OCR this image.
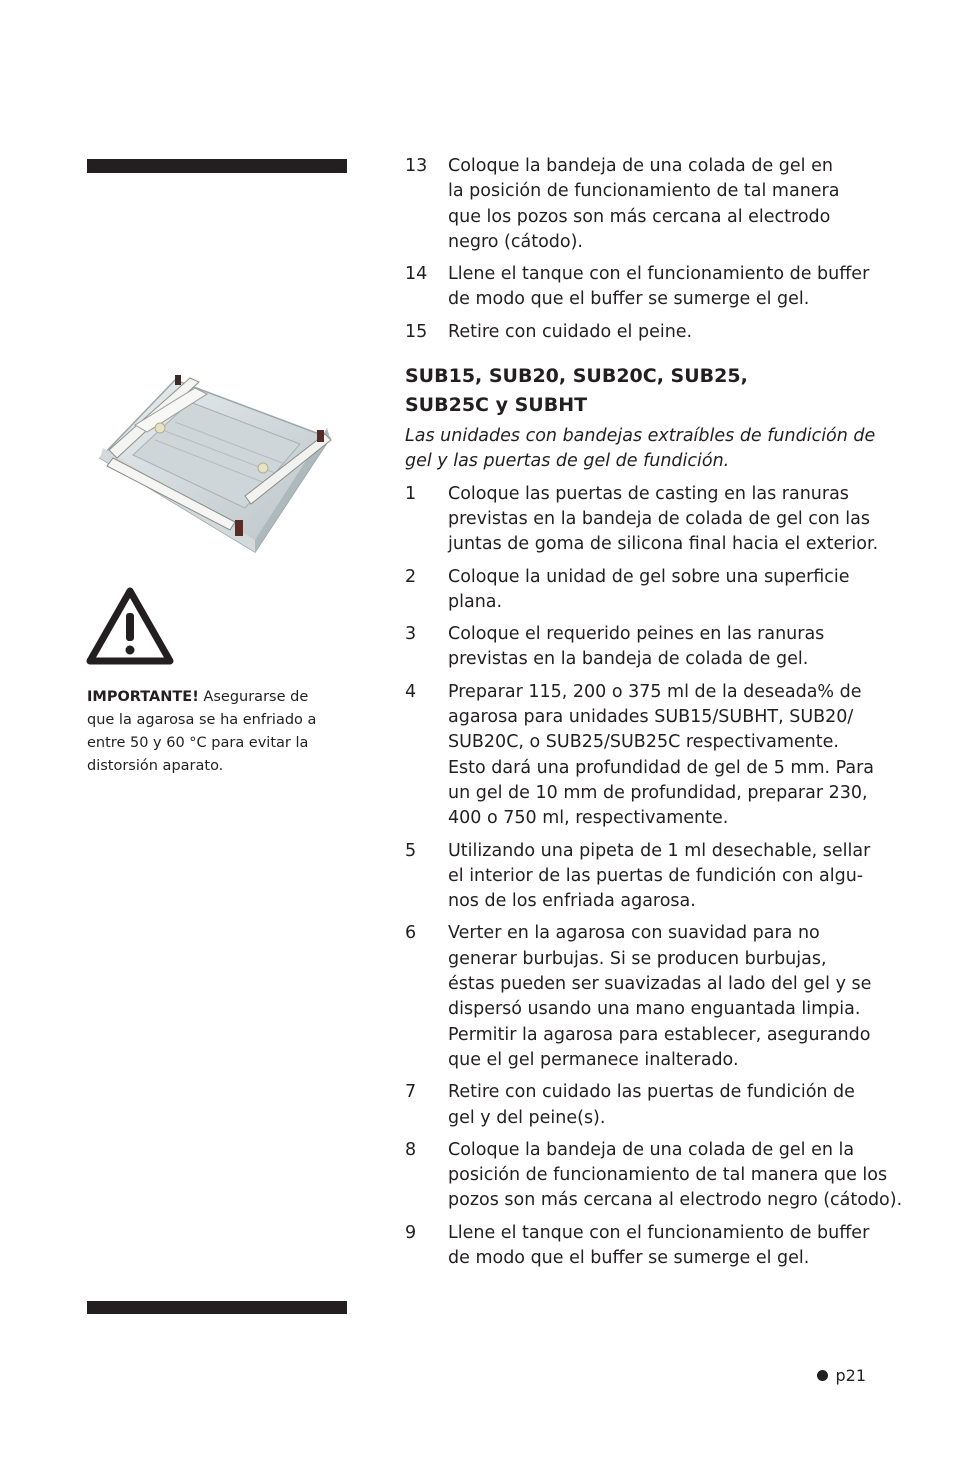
IMPORTANTE! Asegurarse de
que la agarosa se ha enfriado a
entre 50 y 60 °C para evitar la
distorsión aparato.
13	Coloque la bandeja de una colada de gel en
la posición de funcionamiento de tal manera
que los pozos son más cercana al electrodo
negro (cátodo).
14	Llene el tanque con el funcionamiento de buffer
de modo que el buffer se sumerge el gel.
15	Retire con cuidado el peine.
SUB15, SUB20, SUB20C, SUB25,
SUB25C y SUBHT
Las unidades con bandejas extraíbles de fundición de
gel y las puertas de gel de fundición.
1	Coloque las puertas de casting en las ranuras
previstas en la bandeja de colada de gel con las
juntas de goma de silicona final hacia el exterior.
2	Coloque la unidad de gel sobre una superficie
plana.
3	Coloque el requerido peines en las ranuras
previstas en la bandeja de colada de gel.
4	Preparar 115, 200 o 375 ml de la deseada% de
agarosa para unidades SUB15/SUBHT, SUB20/
SUB20C, o SUB25/SUB25C respectivamente.
Esto dará una profundidad de gel de 5 mm. Para
un gel de 10 mm de profundidad, preparar 230,
400 o 750 ml, respectivamente.
5	Utilizando una pipeta de 1 ml desechable, sellar
el interior de las puertas de fundición con algu-
nos de los enfriada agarosa.
6	Verter en la agarosa con suavidad para no
generar burbujas. Si se producen burbujas,
éstas pueden ser suavizadas al lado del gel y se
dispersó usando una mano enguantada limpia.
Permitir la agarosa para establecer, asegurando
que el gel permanece inalterado.
7	Retire con cuidado las puertas de fundición de
gel y del peine(s).
8	Coloque la bandeja de una colada de gel en la
posición de funcionamiento de tal manera que los
pozos son más cercana al electrodo negro (cátodo).
9	Llene el tanque con el funcionamiento de buffer
de modo que el buffer se sumerge el gel.
p21
